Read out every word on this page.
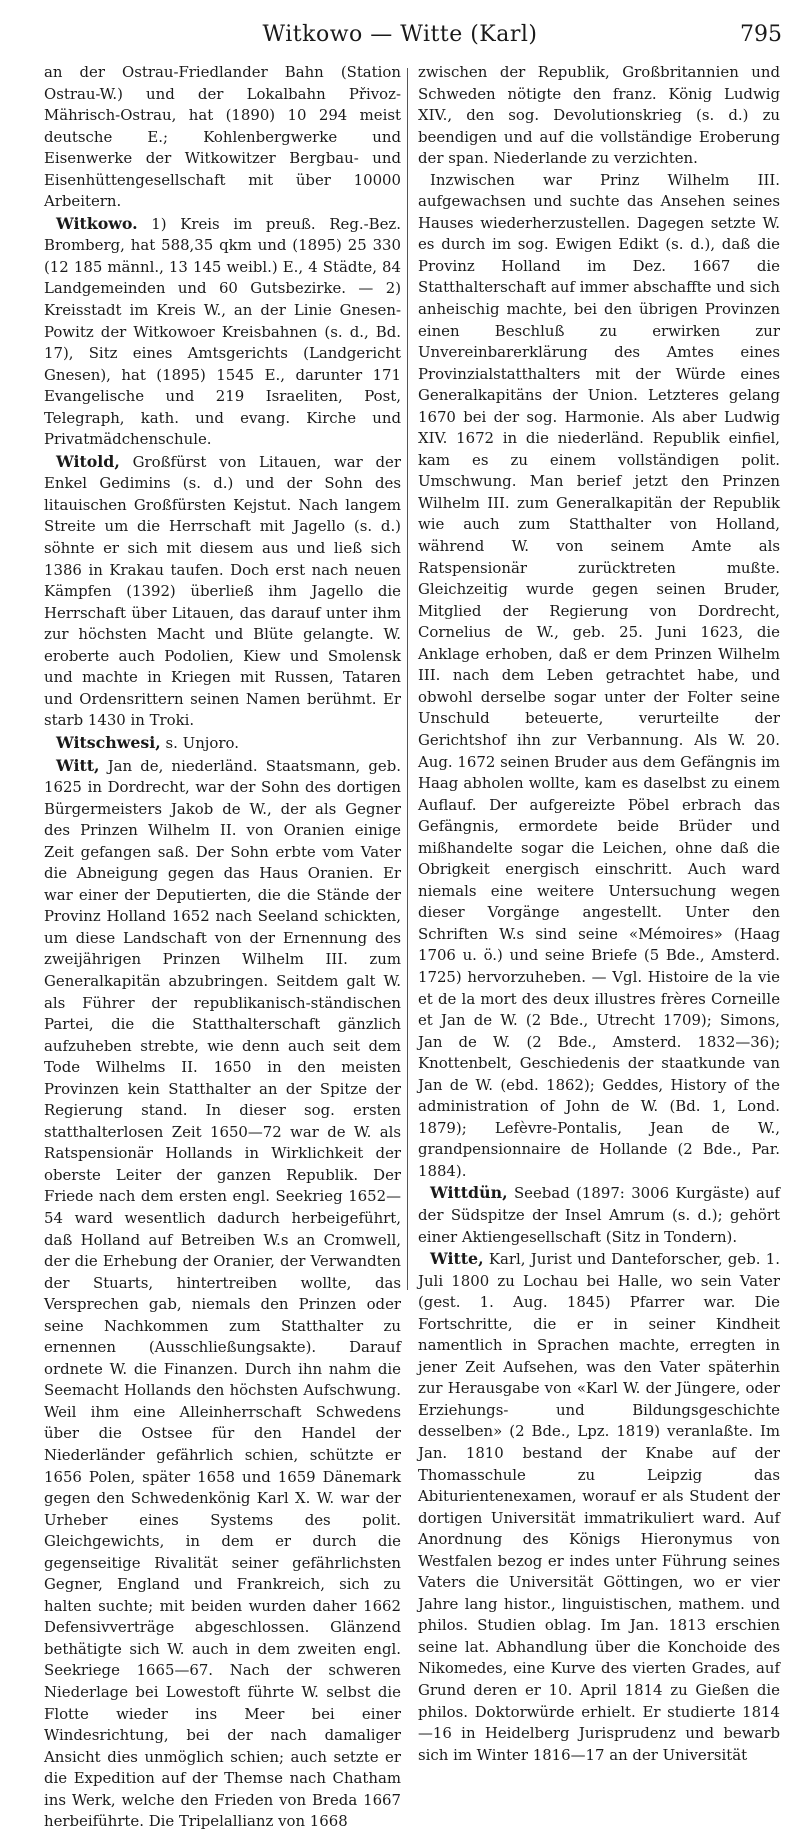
Witkowo — Witte (Karl)	795

an der Ostrau-Friedlander Bahn (Station Ostrau-W.) und der Lokalbahn Přivoz-Mährisch-Ostrau, hat (1890) 10 294 meist deutsche E.; Kohlenbergwerke und Eisenwerke der Witkowitzer Bergbau- und Eisenhüttengesellschaft mit über 10000 Arbeitern.

Witkowo. 1) Kreis im preuß. Reg.-Bez. Bromberg, hat 588,35 qkm und (1895) 25 330 (12 185 männl., 13 145 weibl.) E., 4 Städte, 84 Landgemeinden und 60 Gutsbezirke. — 2) Kreisstadt im Kreis W., an der Linie Gnesen-Powitz der Witkowoer Kreisbahnen (s. d., Bd. 17), Sitz eines Amtsgerichts (Landgericht Gnesen), hat (1895) 1545 E., darunter 171 Evangelische und 219 Israeliten, Post, Telegraph, kath. und evang. Kirche und Privatmädchenschule.

Witold, Großfürst von Litauen, war der Enkel Gedimins (s. d.) und der Sohn des litauischen Großfürsten Kejstut. Nach langem Streite um die Herrschaft mit Jagello (s. d.) söhnte er sich mit diesem aus und ließ sich 1386 in Krakau taufen. Doch erst nach neuen Kämpfen (1392) überließ ihm Jagello die Herrschaft über Litauen, das darauf unter ihm zur höchsten Macht und Blüte gelangte. W. eroberte auch Podolien, Kiew und Smolensk und machte in Kriegen mit Russen, Tataren und Ordensrittern seinen Namen berühmt. Er starb 1430 in Troki.

Witschwesi, s. Unjoro.

Witt, Jan de, niederländ. Staatsmann, geb. 1625 in Dordrecht, war der Sohn des dortigen Bürgermeisters Jakob de W., der als Gegner des Prinzen Wilhelm II. von Oranien einige Zeit gefangen saß. Der Sohn erbte vom Vater die Abneigung gegen das Haus Oranien. Er war einer der Deputierten, die die Stände der Provinz Holland 1652 nach Seeland schickten, um diese Landschaft von der Ernennung des zweijährigen Prinzen Wilhelm III. zum Generalkapitän abzubringen. Seitdem galt W. als Führer der republikanisch-ständischen Partei, die die Statthalterschaft gänzlich aufzuheben strebte, wie denn auch seit dem Tode Wilhelms II. 1650 in den meisten Provinzen kein Statthalter an der Spitze der Regierung stand. In dieser sog. ersten statthalterlosen Zeit 1650—72 war de W. als Ratspensionär Hollands in Wirklichkeit der oberste Leiter der ganzen Republik. Der Friede nach dem ersten engl. Seekrieg 1652—54 ward wesentlich dadurch herbeigeführt, daß Holland auf Betreiben W.s an Cromwell, der die Erhebung der Oranier, der Verwandten der Stuarts, hintertreiben wollte, das Versprechen gab, niemals den Prinzen oder seine Nachkommen zum Statthalter zu ernennen (Ausschließungsakte). Darauf ordnete W. die Finanzen. Durch ihn nahm die Seemacht Hollands den höchsten Aufschwung. Weil ihm eine Alleinherrschaft Schwedens über die Ostsee für den Handel der Niederländer gefährlich schien, schützte er 1656 Polen, später 1658 und 1659 Dänemark gegen den Schwedenkönig Karl X. W. war der Urheber eines Systems des polit. Gleichgewichts, in dem er durch die gegenseitige Rivalität seiner gefährlichsten Gegner, England und Frankreich, sich zu halten suchte; mit beiden wurden daher 1662 Defensivverträge abgeschlossen. Glänzend bethätigte sich W. auch in dem zweiten engl. Seekriege 1665—67. Nach der schweren Niederlage bei Lowestoft führte W. selbst die Flotte wieder ins Meer bei einer Windesrichtung, bei der nach damaliger Ansicht dies unmöglich schien; auch setzte er die Expedition auf der Themse nach Chatham ins Werk, welche den Frieden von Breda 1667 herbeiführte. Die Tripelallianz von 1668

zwischen der Republik, Großbritannien und Schweden nötigte den franz. König Ludwig XIV., den sog. Devolutionskrieg (s. d.) zu beendigen und auf die vollständige Eroberung der span. Niederlande zu verzichten.

Inzwischen war Prinz Wilhelm III. aufgewachsen und suchte das Ansehen seines Hauses wiederherzustellen. Dagegen setzte W. es durch im sog. Ewigen Edikt (s. d.), daß die Provinz Holland im Dez. 1667 die Statthalterschaft auf immer abschaffte und sich anheischig machte, bei den übrigen Provinzen einen Beschluß zu erwirken zur Unvereinbarerklärung des Amtes eines Provinzialstatthalters mit der Würde eines Generalkapitäns der Union. Letzteres gelang 1670 bei der sog. Harmonie. Als aber Ludwig XIV. 1672 in die niederländ. Republik einfiel, kam es zu einem vollständigen polit. Umschwung. Man berief jetzt den Prinzen Wilhelm III. zum Generalkapitän der Republik wie auch zum Statthalter von Holland, während W. von seinem Amte als Ratspensionär zurücktreten mußte. Gleichzeitig wurde gegen seinen Bruder, Mitglied der Regierung von Dordrecht, Cornelius de W., geb. 25. Juni 1623, die Anklage erhoben, daß er dem Prinzen Wilhelm III. nach dem Leben getrachtet habe, und obwohl derselbe sogar unter der Folter seine Unschuld beteuerte, verurteilte der Gerichtshof ihn zur Verbannung. Als W. 20. Aug. 1672 seinen Bruder aus dem Gefängnis im Haag abholen wollte, kam es daselbst zu einem Auflauf. Der aufgereizte Pöbel erbrach das Gefängnis, ermordete beide Brüder und mißhandelte sogar die Leichen, ohne daß die Obrigkeit energisch einschritt. Auch ward niemals eine weitere Untersuchung wegen dieser Vorgänge angestellt. Unter den Schriften W.s sind seine «Mémoires» (Haag 1706 u. ö.) und seine Briefe (5 Bde., Amsterd. 1725) hervorzuheben. — Vgl. Histoire de la vie et de la mort des deux illustres frères Corneille et Jan de W. (2 Bde., Utrecht 1709); Simons, Jan de W. (2 Bde., Amsterd. 1832—36); Knottenbelt, Geschiedenis der staatkunde van Jan de W. (ebd. 1862); Geddes, History of the administration of John de W. (Bd. 1, Lond. 1879); Lefèvre-Pontalis, Jean de W., grandpensionnaire de Hollande (2 Bde., Par. 1884).

Wittdün, Seebad (1897: 3006 Kurgäste) auf der Südspitze der Insel Amrum (s. d.); gehört einer Aktiengesellschaft (Sitz in Tondern).

Witte, Karl, Jurist und Danteforscher, geb. 1. Juli 1800 zu Lochau bei Halle, wo sein Vater (gest. 1. Aug. 1845) Pfarrer war. Die Fortschritte, die er in seiner Kindheit namentlich in Sprachen machte, erregten in jener Zeit Aufsehen, was den Vater späterhin zur Herausgabe von «Karl W. der Jüngere, oder Erziehungs- und Bildungsgeschichte desselben» (2 Bde., Lpz. 1819) veranlaßte. Im Jan. 1810 bestand der Knabe auf der Thomasschule zu Leipzig das Abiturientenexamen, worauf er als Student der dortigen Universität immatrikuliert ward. Auf Anordnung des Königs Hieronymus von Westfalen bezog er indes unter Führung seines Vaters die Universität Göttingen, wo er vier Jahre lang histor., linguistischen, mathem. und philos. Studien oblag. Im Jan. 1813 erschien seine lat. Abhandlung über die Konchoide des Nikomedes, eine Kurve des vierten Grades, auf Grund deren er 10. April 1814 zu Gießen die philos. Doktorwürde erhielt. Er studierte 1814—16 in Heidelberg Jurisprudenz und bewarb sich im Winter 1816—17 an der Universität
